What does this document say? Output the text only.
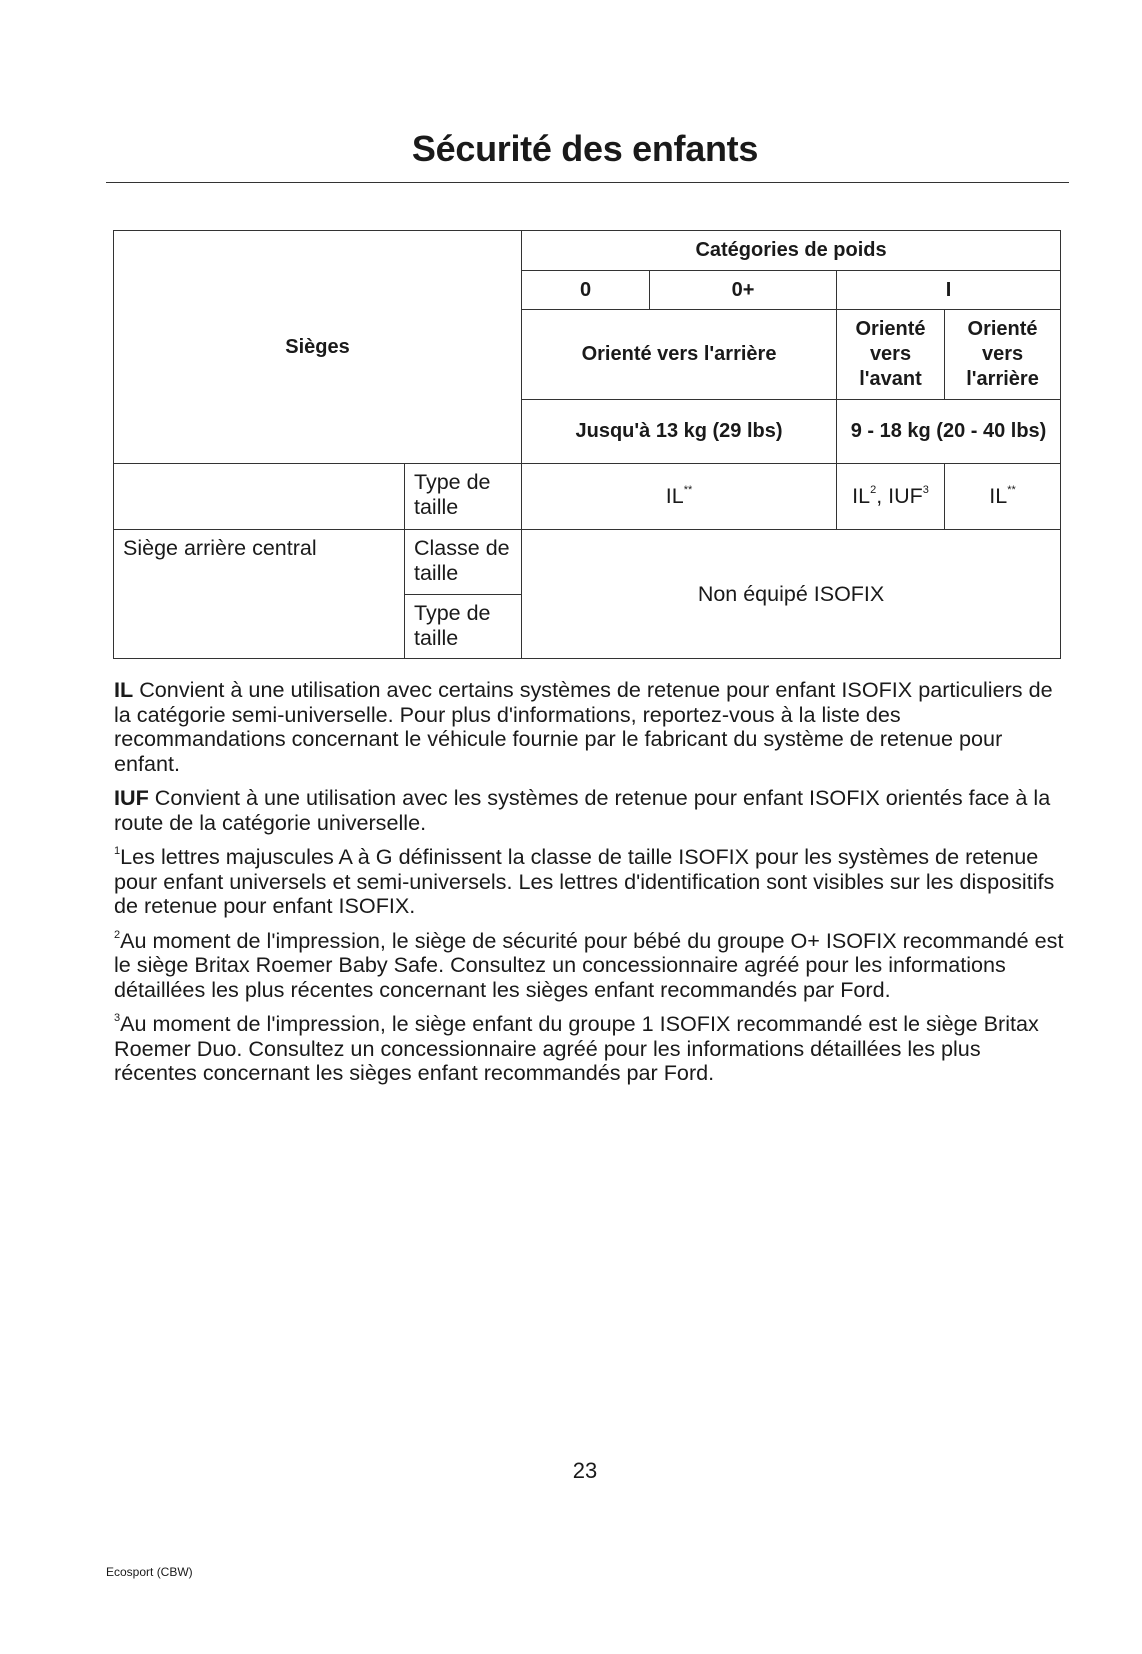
Sécurité des enfants
Sièges		Catégories de poids			
		0	0+	I	
		Orienté vers l'arrière		Orienté vers l'avant	Orienté vers l'arrière
		Jusqu'à 13 kg (29 lbs)		9 - 18 kg (20 - 40 lbs)	
	Type de taille	IL**		$IL^2$, IUF$^3$	IL**
Siège arrière central	Classe de taille	Non équipé ISOFIX			
	Type de taille				

IL Convient à une utilisation avec certains systèmes de retenue pour enfant ISOFIX particuliers de la catégorie semi-universelle. Pour plus d'informations, reportez-vous à la liste des recommandations concernant le véhicule fournie par le fabricant du système de retenue pour enfant.

IUF Convient à une utilisation avec les systèmes de retenue pour enfant ISOFIX orientés face à la route de la catégorie universelle.

$^1$Les lettres majuscules A à G définissent la classe de taille ISOFIX pour les systèmes de retenue pour enfant universels et semi-universels. Les lettres d'identification sont visibles sur les dispositifs de retenue pour enfant ISOFIX.

$^2$Au moment de l'impression, le siège de sécurité pour bébé du groupe O+ ISOFIX recommandé est le siège Britax Roemer Baby Safe. Consultez un concessionnaire agréé pour les informations détaillées les plus récentes concernant les sièges enfant recommandés par Ford.

$^3$Au moment de l'impression, le siège enfant du groupe 1 ISOFIX recommandé est le siège Britax Roemer Duo. Consultez un concessionnaire agréé pour les informations détaillées les plus récentes concernant les sièges enfant recommandés par Ford.

23
Ecosport (CBW)
